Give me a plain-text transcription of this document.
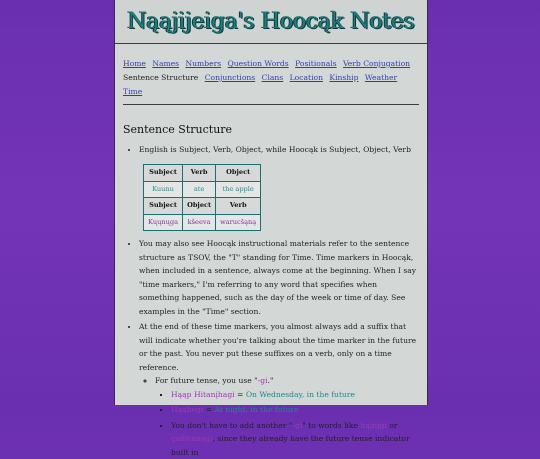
Nąąjijeiga's Hoocąk Notes
Home Names Numbers Question Words Positionals Verb Conjugation
Sentence Structure Conjunctions Clans Location Kinship Weather Time
Sentence Structure
• English is Subject, Verb, Object, while Hoocąk is Subject, Object, Verb
Subject	Verb	Object
Kuunu	ate	the apple
Subject	Object	Verb
Kųųnųga	kšeeva	warucšąną
• You may also see Hoocąk instructional materials refer to the sentence structure as TSOV, the "T" standing for Time. Time markers in Hoocąk, when included in a sentence, always come at the beginning. When I say "time markers," I'm referring to any word that specifies when something happened, such as the day of the week or time of day. See examples in the "Time" section.
• At the end of these time markers, you almost always add a suffix that will indicate whether you're talking about the time marker in the future or the past. You never put these suffixes on a verb, only on a time reference.
◦ For future tense, you use "-gi."
▪ Hąąp Hitanįhagi = On Wednesday, in the future
▪ Hąąhegi = At night, in the future
▪ You don't have to add another "-gi" to words like hąįnįgi or gušicanągi, since they already have the future tense indicator built in
